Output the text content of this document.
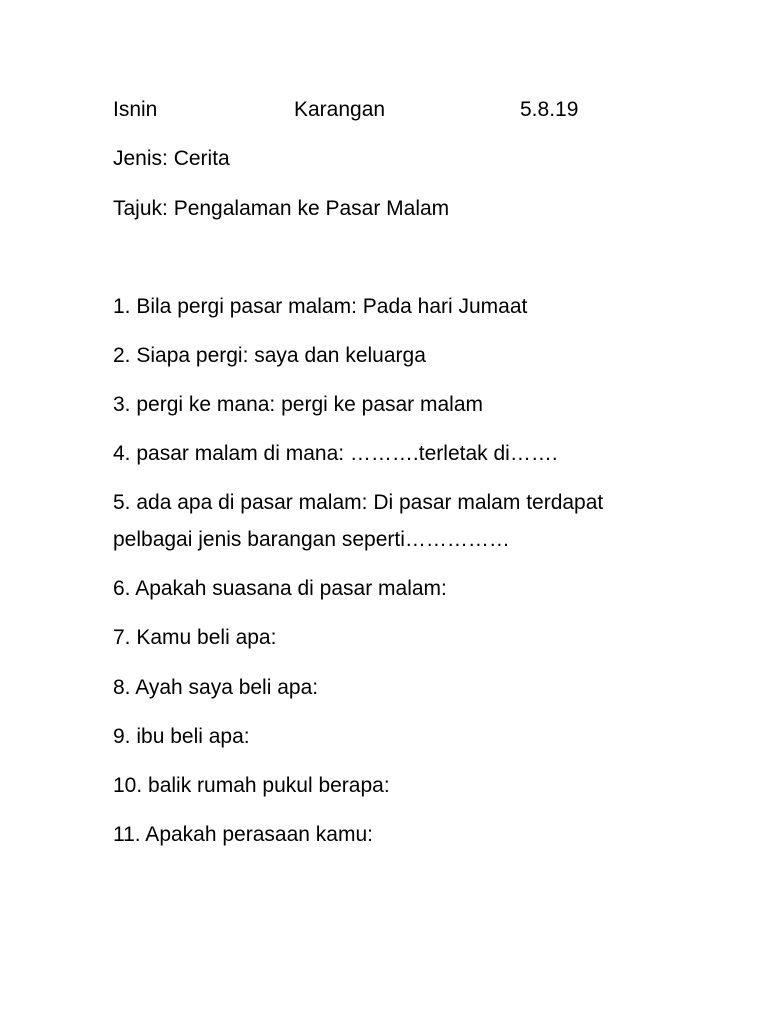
Isnin	Karangan	5.8.19
Jenis: Cerita
Tajuk: Pengalaman ke Pasar Malam
1. Bila pergi pasar malam: Pada hari Jumaat
2. Siapa pergi: saya dan keluarga
3. pergi ke mana: pergi ke pasar malam
4. pasar malam di mana: ……….terletak di…….
5. ada apa di pasar malam: Di pasar malam terdapat
pelbagai jenis barangan seperti……………
6. Apakah suasana di pasar malam:
7. Kamu beli apa:
8. Ayah saya beli apa:
9. ibu beli apa:
10. balik rumah pukul berapa:
11. Apakah perasaan kamu:
